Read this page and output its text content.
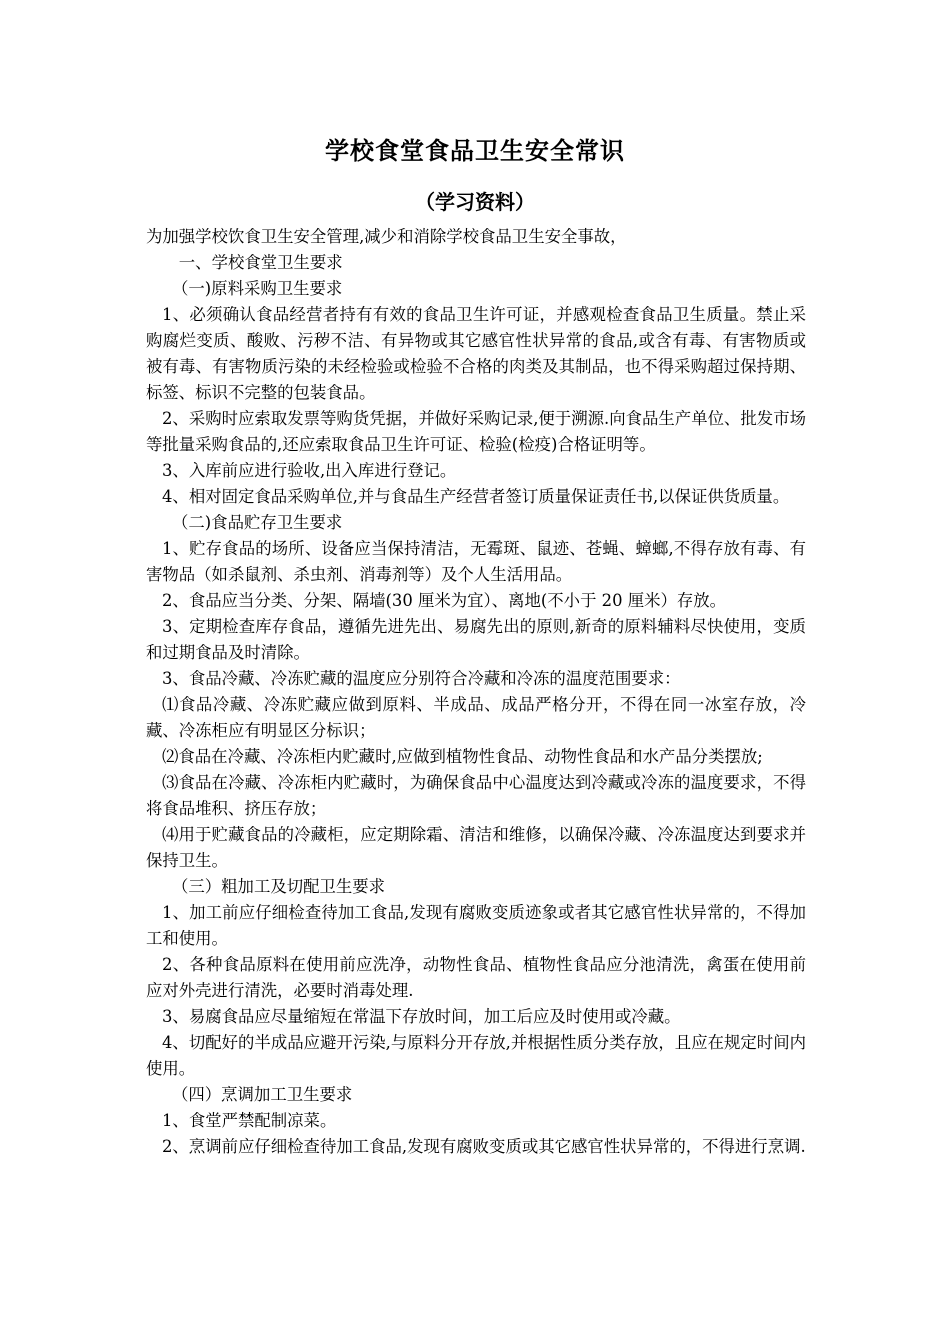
学校食堂食品卫生安全常识
（学习资料）

为加强学校饮食卫生安全管理,减少和消除学校食品卫生安全事故，

一、学校食堂卫生要求

（一)原料采购卫生要求

1、必须确认食品经营者持有有效的食品卫生许可证，并感观检查食品卫生质量。禁止采购腐烂变质、酸败、污秽不洁、有异物或其它感官性状异常的食品,或含有毒、有害物质或被有毒、有害物质污染的未经检验或检验不合格的肉类及其制品，也不得采购超过保持期、标签、标识不完整的包装食品。

2、采购时应索取发票等购货凭据，并做好采购记录,便于溯源.向食品生产单位、批发市场等批量采购食品的,还应索取食品卫生许可证、检验(检疫)合格证明等。

3、入库前应进行验收,出入库进行登记。

4、相对固定食品采购单位,并与食品生产经营者签订质量保证责任书,以保证供货质量。

（二)食品贮存卫生要求

1、贮存食品的场所、设备应当保持清洁，无霉斑、鼠迹、苍蝇、蟑螂,不得存放有毒、有害物品（如杀鼠剂、杀虫剂、消毒剂等）及个人生活用品。

2、食品应当分类、分架、隔墙(30 厘米为宜）、离地(不小于 20 厘米）存放。

3、定期检查库存食品，遵循先进先出、易腐先出的原则,新奇的原料辅料尽快使用，变质和过期食品及时清除。

3、食品冷藏、冷冻贮藏的温度应分别符合冷藏和冷冻的温度范围要求：

⑴食品冷藏、冷冻贮藏应做到原料、半成品、成品严格分开，不得在同一冰室存放，冷藏、冷冻柜应有明显区分标识；

⑵食品在冷藏、冷冻柜内贮藏时,应做到植物性食品、动物性食品和水产品分类摆放;

⑶食品在冷藏、冷冻柜内贮藏时，为确保食品中心温度达到冷藏或冷冻的温度要求，不得将食品堆积、挤压存放；

⑷用于贮藏食品的冷藏柜，应定期除霜、清洁和维修，以确保冷藏、冷冻温度达到要求并保持卫生。

（三）粗加工及切配卫生要求

1、加工前应仔细检查待加工食品,发现有腐败变质迹象或者其它感官性状异常的，不得加工和使用。

2、各种食品原料在使用前应洗净，动物性食品、植物性食品应分池清洗，禽蛋在使用前应对外壳进行清洗，必要时消毒处理.

3、易腐食品应尽量缩短在常温下存放时间，加工后应及时使用或冷藏。

4、切配好的半成品应避开污染,与原料分开存放,并根据性质分类存放，且应在规定时间内使用。

（四）烹调加工卫生要求

1、食堂严禁配制凉菜。

2、烹调前应仔细检查待加工食品,发现有腐败变质或其它感官性状异常的，不得进行烹调.
